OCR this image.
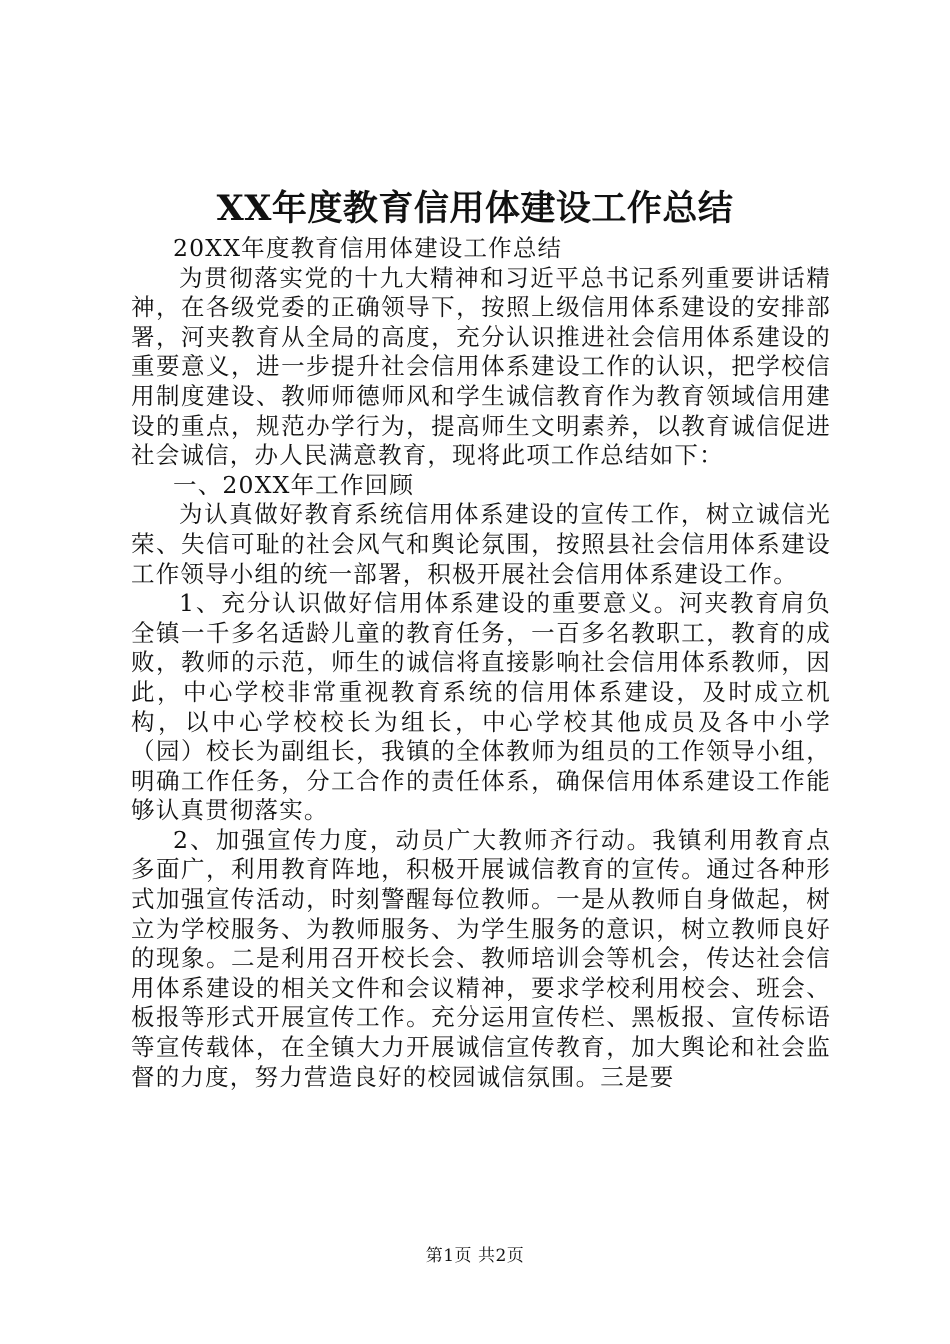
XX年度教育信用体建设工作总结

20XX年度教育信用体建设工作总结

为贯彻落实党的十九大精神和习近平总书记系列重要讲话精神，在各级党委的正确领导下，按照上级信用体系建设的安排部署，河夹教育从全局的高度，充分认识推进社会信用体系建设的重要意义，进一步提升社会信用体系建设工作的认识，把学校信用制度建设、教师师德师风和学生诚信教育作为教育领域信用建设的重点，规范办学行为，提高师生文明素养，以教育诚信促进社会诚信，办人民满意教育，现将此项工作总结如下：

一、20XX年工作回顾

为认真做好教育系统信用体系建设的宣传工作，树立诚信光荣、失信可耻的社会风气和舆论氛围，按照县社会信用体系建设工作领导小组的统一部署，积极开展社会信用体系建设工作。

1、充分认识做好信用体系建设的重要意义。河夹教育肩负全镇一千多名适龄儿童的教育任务，一百多名教职工，教育的成败，教师的示范，师生的诚信将直接影响社会信用体系教师，因此，中心学校非常重视教育系统的信用体系建设，及时成立机构，以中心学校校长为组长，中心学校其他成员及各中小学（园）校长为副组长，我镇的全体教师为组员的工作领导小组，明确工作任务，分工合作的责任体系，确保信用体系建设工作能够认真贯彻落实。

2、加强宣传力度，动员广大教师齐行动。我镇利用教育点多面广，利用教育阵地，积极开展诚信教育的宣传。通过各种形式加强宣传活动，时刻警醒每位教师。一是从教师自身做起，树立为学校服务、为教师服务、为学生服务的意识，树立教师良好的现象。二是利用召开校长会、教师培训会等机会，传达社会信用体系建设的相关文件和会议精神，要求学校利用校会、班会、板报等形式开展宣传工作。充分运用宣传栏、黑板报、宣传标语等宣传载体，在全镇大力开展诚信宣传教育，加大舆论和社会监督的力度，努力营造良好的校园诚信氛围。三是要

第1页 共2页
